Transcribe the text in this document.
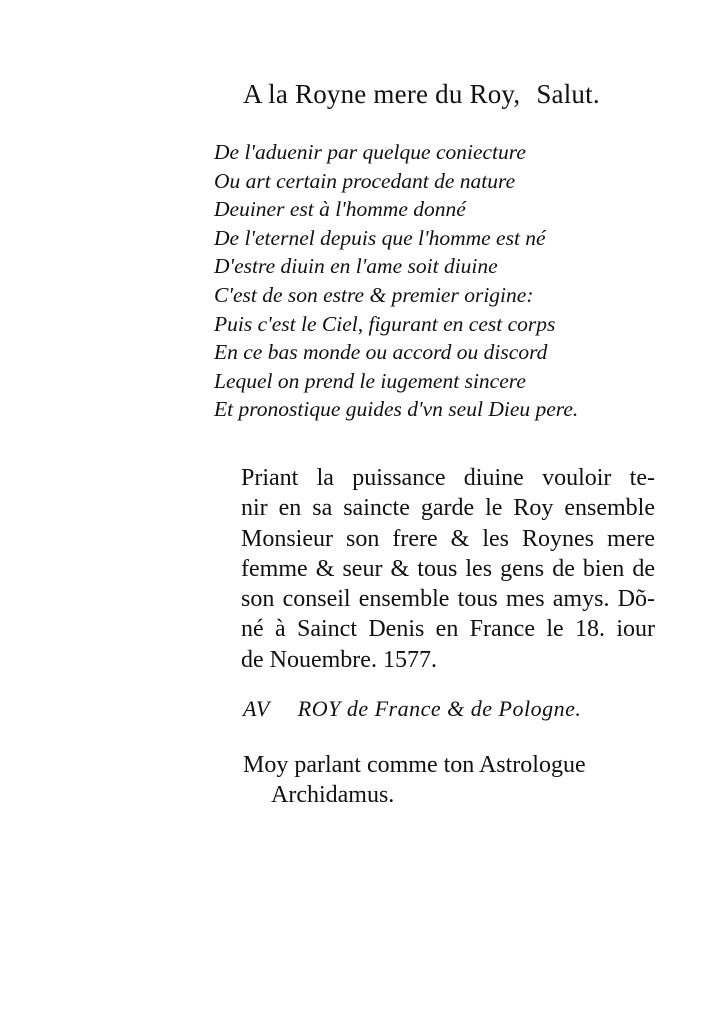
A la Royne mere du Roy, Salut.
De l'aduenir par quelque coniecture
Ou art certain procedant de nature
Deuiner est à l'homme donné
De l'eternel depuis que l'homme est né
D'estre diuin en l'ame soit diuine
C'est de son estre & premier origine:
Puis c'est le Ciel, figurant en cest corps
En ce bas monde ou accord ou discord
Lequel on prend le iugement sincere
Et pronostique guides d'vn seul Dieu pere.
Priant la puissance diuine vouloir te-
nir en sa saincte garde le Roy ensemble
Monsieur son frere & les Roynes mere
femme & seur & tous les gens de bien de
son conseil ensemble tous mes amys. Dõ-
né à Sainct Denis en France le 18. iour
de Nouembre. 1577.
AV ROY de France & de Pologne.
Moy parlant comme ton Astrologue
Archidamus.
